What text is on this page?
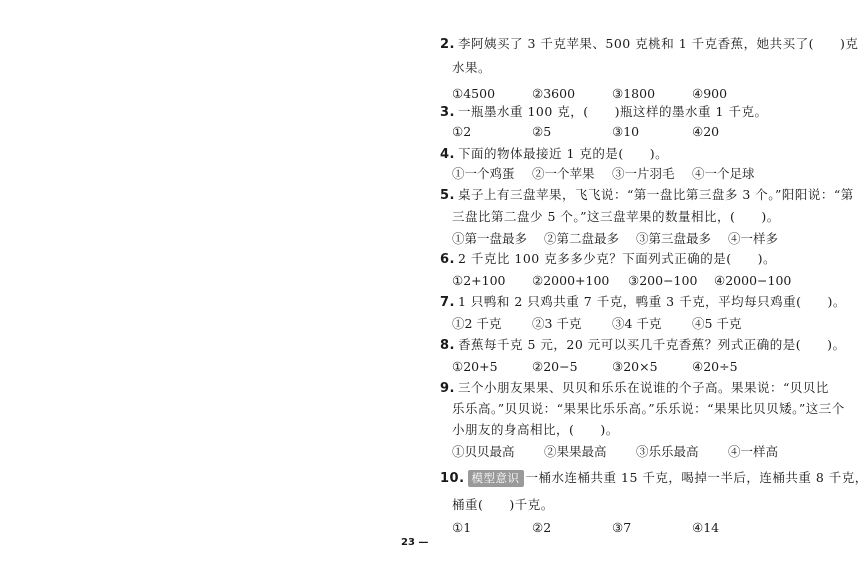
2. 李阿姨买了 3 千克苹果、500 克桃和 1 千克香蕉，她共买了(　　)克
水果。
①4500	②3600	③1800	④900
3. 一瓶墨水重 100 克，(　　)瓶这样的墨水重 1 千克。
①2	②5	③10	④20
4. 下面的物体最接近 1 克的是(　　)。
①一个鸡蛋 ②一个苹果 ③一片羽毛 ④一个足球
5. 桌子上有三盘苹果，飞飞说：“第一盘比第三盘多 3 个。”阳阳说：“第
三盘比第二盘少 5 个。”这三盘苹果的数量相比，(　　)。
①第一盘最多 ②第二盘最多 ③第三盘最多 ④一样多
6. 2 千克比 100 克多多少克？下面列式正确的是(　　)。
①2+100 ②2000+100 ③200−100 ④2000−100
7. 1 只鸭和 2 只鸡共重 7 千克，鸭重 3 千克，平均每只鸡重(　　)。
①2 千克 ②3 千克 ③4 千克 ④5 千克
8. 香蕉每千克 5 元，20 元可以买几千克香蕉？列式正确的是(　　)。
①20+5	②20−5	③20×5	④20÷5
9. 三个小朋友果果、贝贝和乐乐在说谁的个子高。果果说：“贝贝比
乐乐高。”贝贝说：“果果比乐乐高。”乐乐说：“果果比贝贝矮。”这三个
小朋友的身高相比，(　　)。
①贝贝最高 ②果果最高 ③乐乐最高 ④一样高
10. 模型意识 一桶水连桶共重 15 千克，喝掉一半后，连桶共重 8 千克，
桶重(　　)千克。
①1	②2	③7	④14
23 —
